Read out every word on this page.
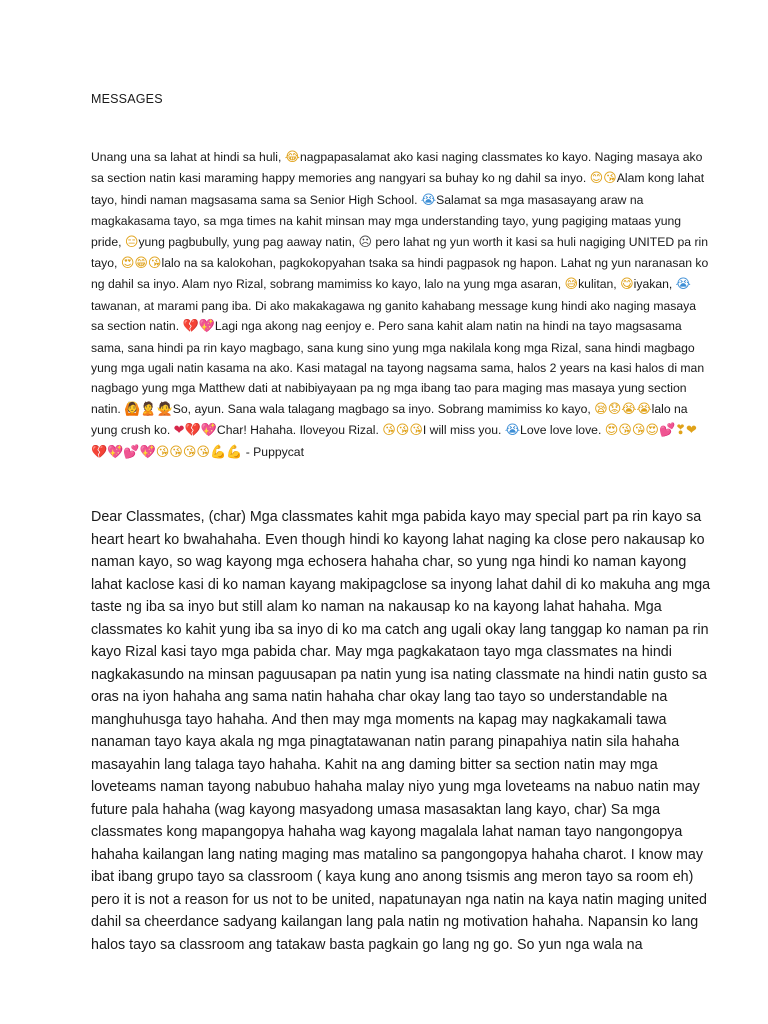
MESSAGES

Unang una sa lahat at hindi sa huli, 😂nagpapasalamat ako kasi naging classmates ko kayo. Naging masaya ako sa section natin kasi maraming happy memories ang nangyari sa buhay ko ng dahil sa inyo. 😊😘Alam kong lahat tayo, hindi naman magsasama sama sa Senior High School. 😭Salamat sa mga masasayang araw na magkakasama tayo, sa mga times na kahit minsan may mga understanding tayo, yung pagiging mataas yung pride, 😑yung pagbubully, yung pag aaway natin, ☹ pero lahat ng yun worth it kasi sa huli nagiging UNITED pa rin tayo, 😍😁😘lalo na sa kalokohan, pagkokopyahan tsaka sa hindi pagpasok ng hapon. Lahat ng yun naranasan ko ng dahil sa inyo. Alam nyo Rizal, sobrang mamimiss ko kayo, lalo na yung mga asaran, 😅kulitan, 😋iyakan, 😭tawanan, at marami pang iba. Di ako makakagawa ng ganito kahabang message kung hindi ako naging masaya sa section natin. 💔💖Lagi nga akong nag eenjoy e. Pero sana kahit alam natin na hindi na tayo magsasama sama, sana hindi pa rin kayo magbago, sana kung sino yung mga nakilala kong mga Rizal, sana hindi magbago yung mga ugali natin kasama na ako. Kasi matagal na tayong nagsama sama, halos 2 years na kasi halos di man nagbago yung mga Matthew dati at nabibiyayaan pa ng mga ibang tao para maging mas masaya yung section natin. 🙆🙎🙅So, ayun. Sana wala talagang magbago sa inyo. Sobrang mamimiss ko kayo, 😪😟😭😭lalo na yung crush ko. ❤💔💖Char! Hahaha. Iloveyou Rizal. 😘😘😘I will miss you. 😭Love love love. 😍😘😘😍💕❣❤💔💖💕💖😘😘😘😘💪💪 - Puppycat

Dear Classmates, (char) Mga classmates kahit mga pabida kayo may special part pa rin kayo sa heart heart ko bwahahaha. Even though hindi ko kayong lahat naging ka close pero nakausap ko naman kayo, so wag kayong mga echosera hahaha char, so yung nga hindi ko naman kayong lahat kaclose kasi di ko naman kayang makipagclose sa inyong lahat dahil di ko makuha ang mga taste ng iba sa inyo but still alam ko naman na nakausap ko na kayong lahat hahaha. Mga classmates ko kahit yung iba sa inyo di ko ma catch ang ugali okay lang tanggap ko naman pa rin kayo Rizal kasi tayo mga pabida char. May mga pagkakataon tayo mga classmates na hindi nagkakasundo na minsan paguusapan pa natin yung isa nating classmate na hindi natin gusto sa oras na iyon hahaha ang sama natin hahaha char okay lang tao tayo so understandable na manghuhusga tayo hahaha. And then may mga moments na kapag may nagkakamali tawa nanaman tayo kaya akala ng mga pinagtatawanan natin parang pinapahiya natin sila hahaha masayahin lang talaga tayo hahaha. Kahit na ang daming bitter sa section natin may mga loveteams naman tayong nabubuo hahaha malay niyo yung mga loveteams na nabuo natin may future pala hahaha (wag kayong masyadong umasa masasaktan lang kayo, char) Sa mga classmates kong mapangopya hahaha wag kayong magalala lahat naman tayo nangongopya hahaha kailangan lang nating maging mas matalino sa pangongopya hahaha charot. I know may ibat ibang grupo tayo sa classroom ( kaya kung ano anong tsismis ang meron tayo sa room eh) pero it is not a reason for us not to be united, napatunayan nga natin na kaya natin maging united dahil sa cheerdance sadyang kailangan lang pala natin ng motivation hahaha. Napansin ko lang halos tayo sa classroom ang tatakaw basta pagkain go lang ng go. So yun nga wala na
